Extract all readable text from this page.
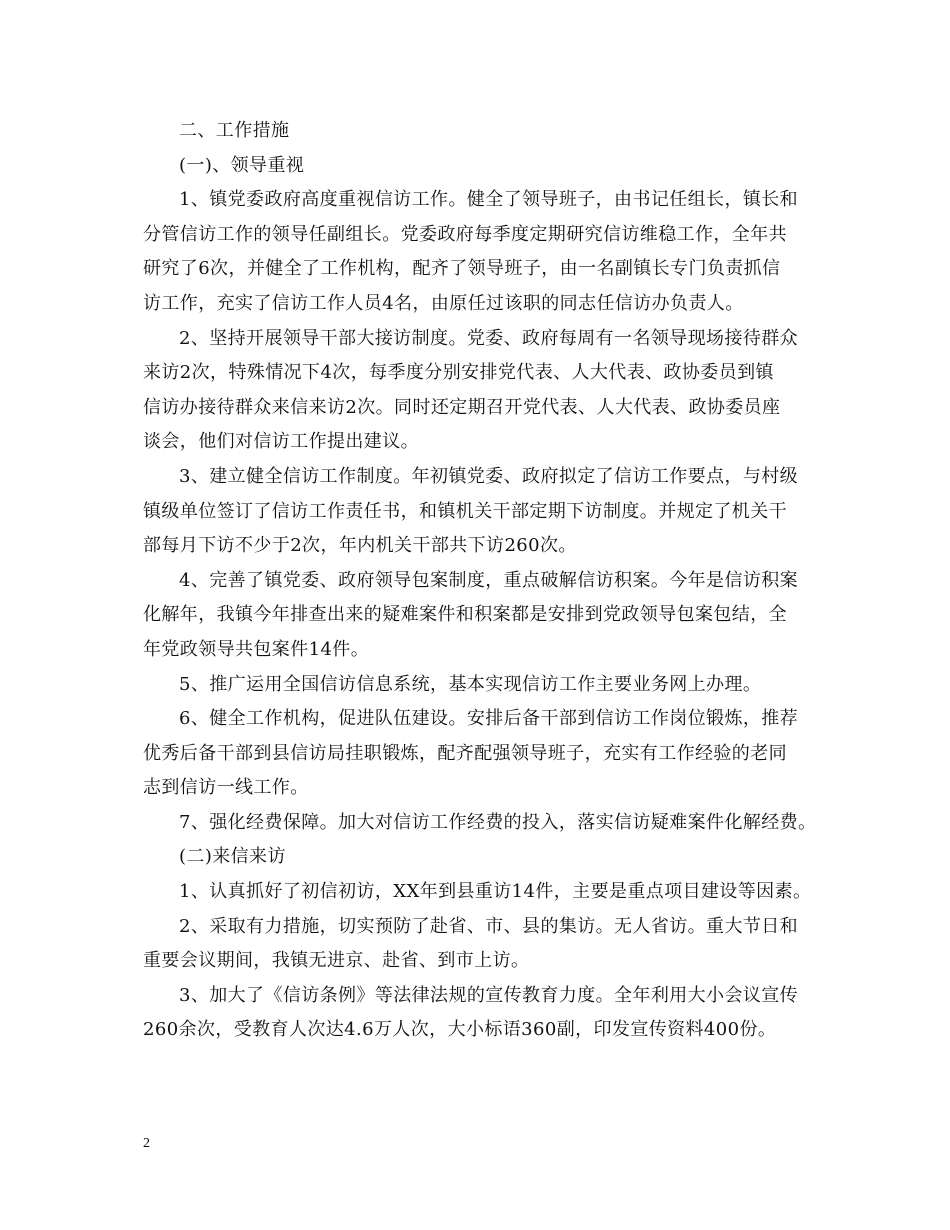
二、工作措施
(一)、领导重视
1、镇党委政府高度重视信访工作。健全了领导班子，由书记任组长，镇长和
分管信访工作的领导任副组长。党委政府每季度定期研究信访维稳工作，全年共
研究了6次，并健全了工作机构，配齐了领导班子，由一名副镇长专门负责抓信
访工作，充实了信访工作人员4名，由原任过该职的同志任信访办负责人。
2、坚持开展领导干部大接访制度。党委、政府每周有一名领导现场接待群众
来访2次，特殊情况下4次，每季度分别安排党代表、人大代表、政协委员到镇
信访办接待群众来信来访2次。同时还定期召开党代表、人大代表、政协委员座
谈会，他们对信访工作提出建议。
3、建立健全信访工作制度。年初镇党委、政府拟定了信访工作要点，与村级
镇级单位签订了信访工作责任书，和镇机关干部定期下访制度。并规定了机关干
部每月下访不少于2次，年内机关干部共下访260次。
4、完善了镇党委、政府领导包案制度，重点破解信访积案。今年是信访积案
化解年，我镇今年排查出来的疑难案件和积案都是安排到党政领导包案包结，全
年党政领导共包案件14件。
5、推广运用全国信访信息系统，基本实现信访工作主要业务网上办理。
6、健全工作机构，促进队伍建设。安排后备干部到信访工作岗位锻炼，推荐
优秀后备干部到县信访局挂职锻炼，配齐配强领导班子，充实有工作经验的老同
志到信访一线工作。
7、强化经费保障。加大对信访工作经费的投入，落实信访疑难案件化解经费。
(二)来信来访
1、认真抓好了初信初访，XX年到县重访14件，主要是重点项目建设等因素。
2、采取有力措施，切实预防了赴省、市、县的集访。无人省访。重大节日和
重要会议期间，我镇无进京、赴省、到市上访。
3、加大了《信访条例》等法律法规的宣传教育力度。全年利用大小会议宣传
260余次，受教育人次达4.6万人次，大小标语360副，印发宣传资料400份。
2
